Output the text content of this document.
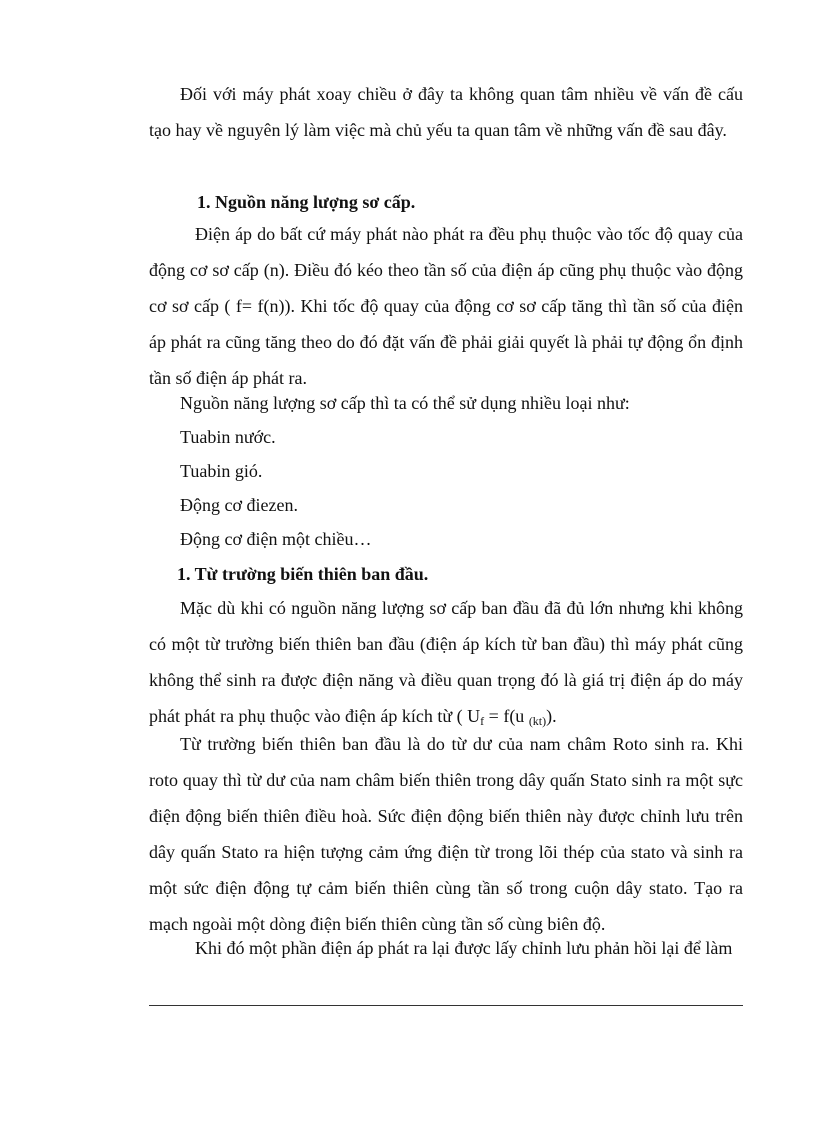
Đối với máy phát xoay chiều ở đây ta không quan tâm nhiều về vấn đề cấu tạo hay về nguyên lý làm việc mà chủ yếu ta quan tâm về những vấn đề sau đây.

1. Nguồn năng lượng sơ cấp.

Điện áp do bất cứ máy phát nào phát ra đều phụ thuộc vào tốc độ quay của động cơ sơ cấp (n). Điều đó kéo theo tần số của điện áp cũng phụ thuộc vào động cơ sơ cấp ( f= f(n)). Khi tốc độ quay của động cơ sơ cấp tăng thì tần số của điện áp phát ra cũng tăng theo do đó đặt vấn đề phải giải quyết là phải tự động ổn định tần số điện áp phát ra.

Nguồn năng lượng sơ cấp thì ta có thể sử dụng nhiều loại như:
Tuabin nước.
Tuabin gió.
Động cơ điezen.
Động cơ điện một chiều…
1. Từ trường biến thiên ban đầu.

Mặc dù khi có nguồn năng lượng sơ cấp ban đầu đã đủ lớn nhưng khi không có một từ trường biến thiên ban đầu (điện áp kích từ ban đầu) thì máy phát cũng không thể sinh ra được điện năng và điều quan trọng đó là giá trị điện áp do máy phát phát ra phụ thuộc vào điện áp kích từ ( $U_f = f(u$ $_{(kt)}$).

Từ trường biến thiên ban đầu là do từ dư của nam châm Roto sinh ra. Khi roto quay thì từ dư của nam châm biến thiên trong dây quấn Stato sinh ra một sực điện động biến thiên điều hoà. Sức điện động biến thiên này được chỉnh lưu trên dây quấn Stato ra hiện tượng cảm ứng điện từ trong lõi thép của stato và sinh ra một sức điện động tự cảm biến thiên cùng tần số trong cuộn dây stato. Tạo ra mạch ngoài một dòng điện biến thiên cùng tần số cùng biên độ.

Khi đó một phần điện áp phát ra lại được lấy chỉnh lưu phản hồi lại để làm
